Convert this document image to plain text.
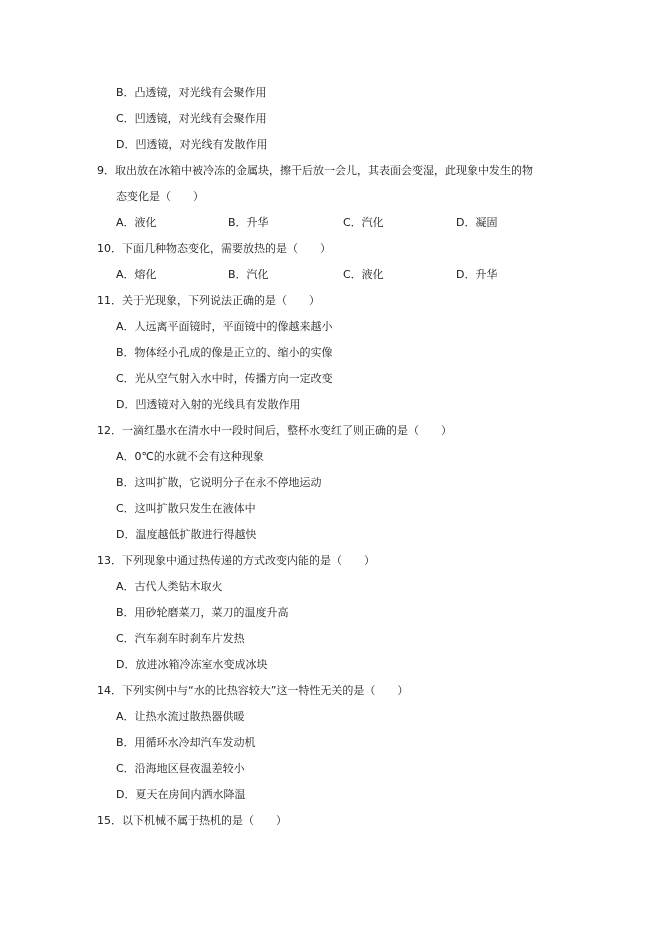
B．凸透镜，对光线有会聚作用
C．凹透镜，对光线有会聚作用
D．凹透镜，对光线有发散作用
9．取出放在冰箱中被冷冻的金属块，擦干后放一会儿，其表面会变湿，此现象中发生的物
态变化是（　　）
A．液化	B．升华	C．汽化	D．凝固
10．下面几种物态变化，需要放热的是（　　）
A．熔化	B．汽化	C．液化	D．升华
11．关于光现象，下列说法正确的是（　　）
A．人远离平面镜时，平面镜中的像越来越小
B．物体经小孔成的像是正立的、缩小的实像
C．光从空气射入水中时，传播方向一定改变
D．凹透镜对入射的光线具有发散作用
12．一滴红墨水在清水中一段时间后，整杯水变红了则正确的是（　　）
A．0℃的水就不会有这种现象
B．这叫扩散，它说明分子在永不停地运动
C．这叫扩散只发生在液体中
D．温度越低扩散进行得越快
13．下列现象中通过热传递的方式改变内能的是（　　）
A．古代人类钻木取火
B．用砂轮磨菜刀，菜刀的温度升高
C．汽车刹车时刹车片发热
D．放进冰箱冷冻室水变成冰块
14．下列实例中与“水的比热容较大”这一特性无关的是（　　）
A．让热水流过散热器供暖
B．用循环水冷却汽车发动机
C．沿海地区昼夜温差较小
D．夏天在房间内洒水降温
15．以下机械不属于热机的是（　　）
